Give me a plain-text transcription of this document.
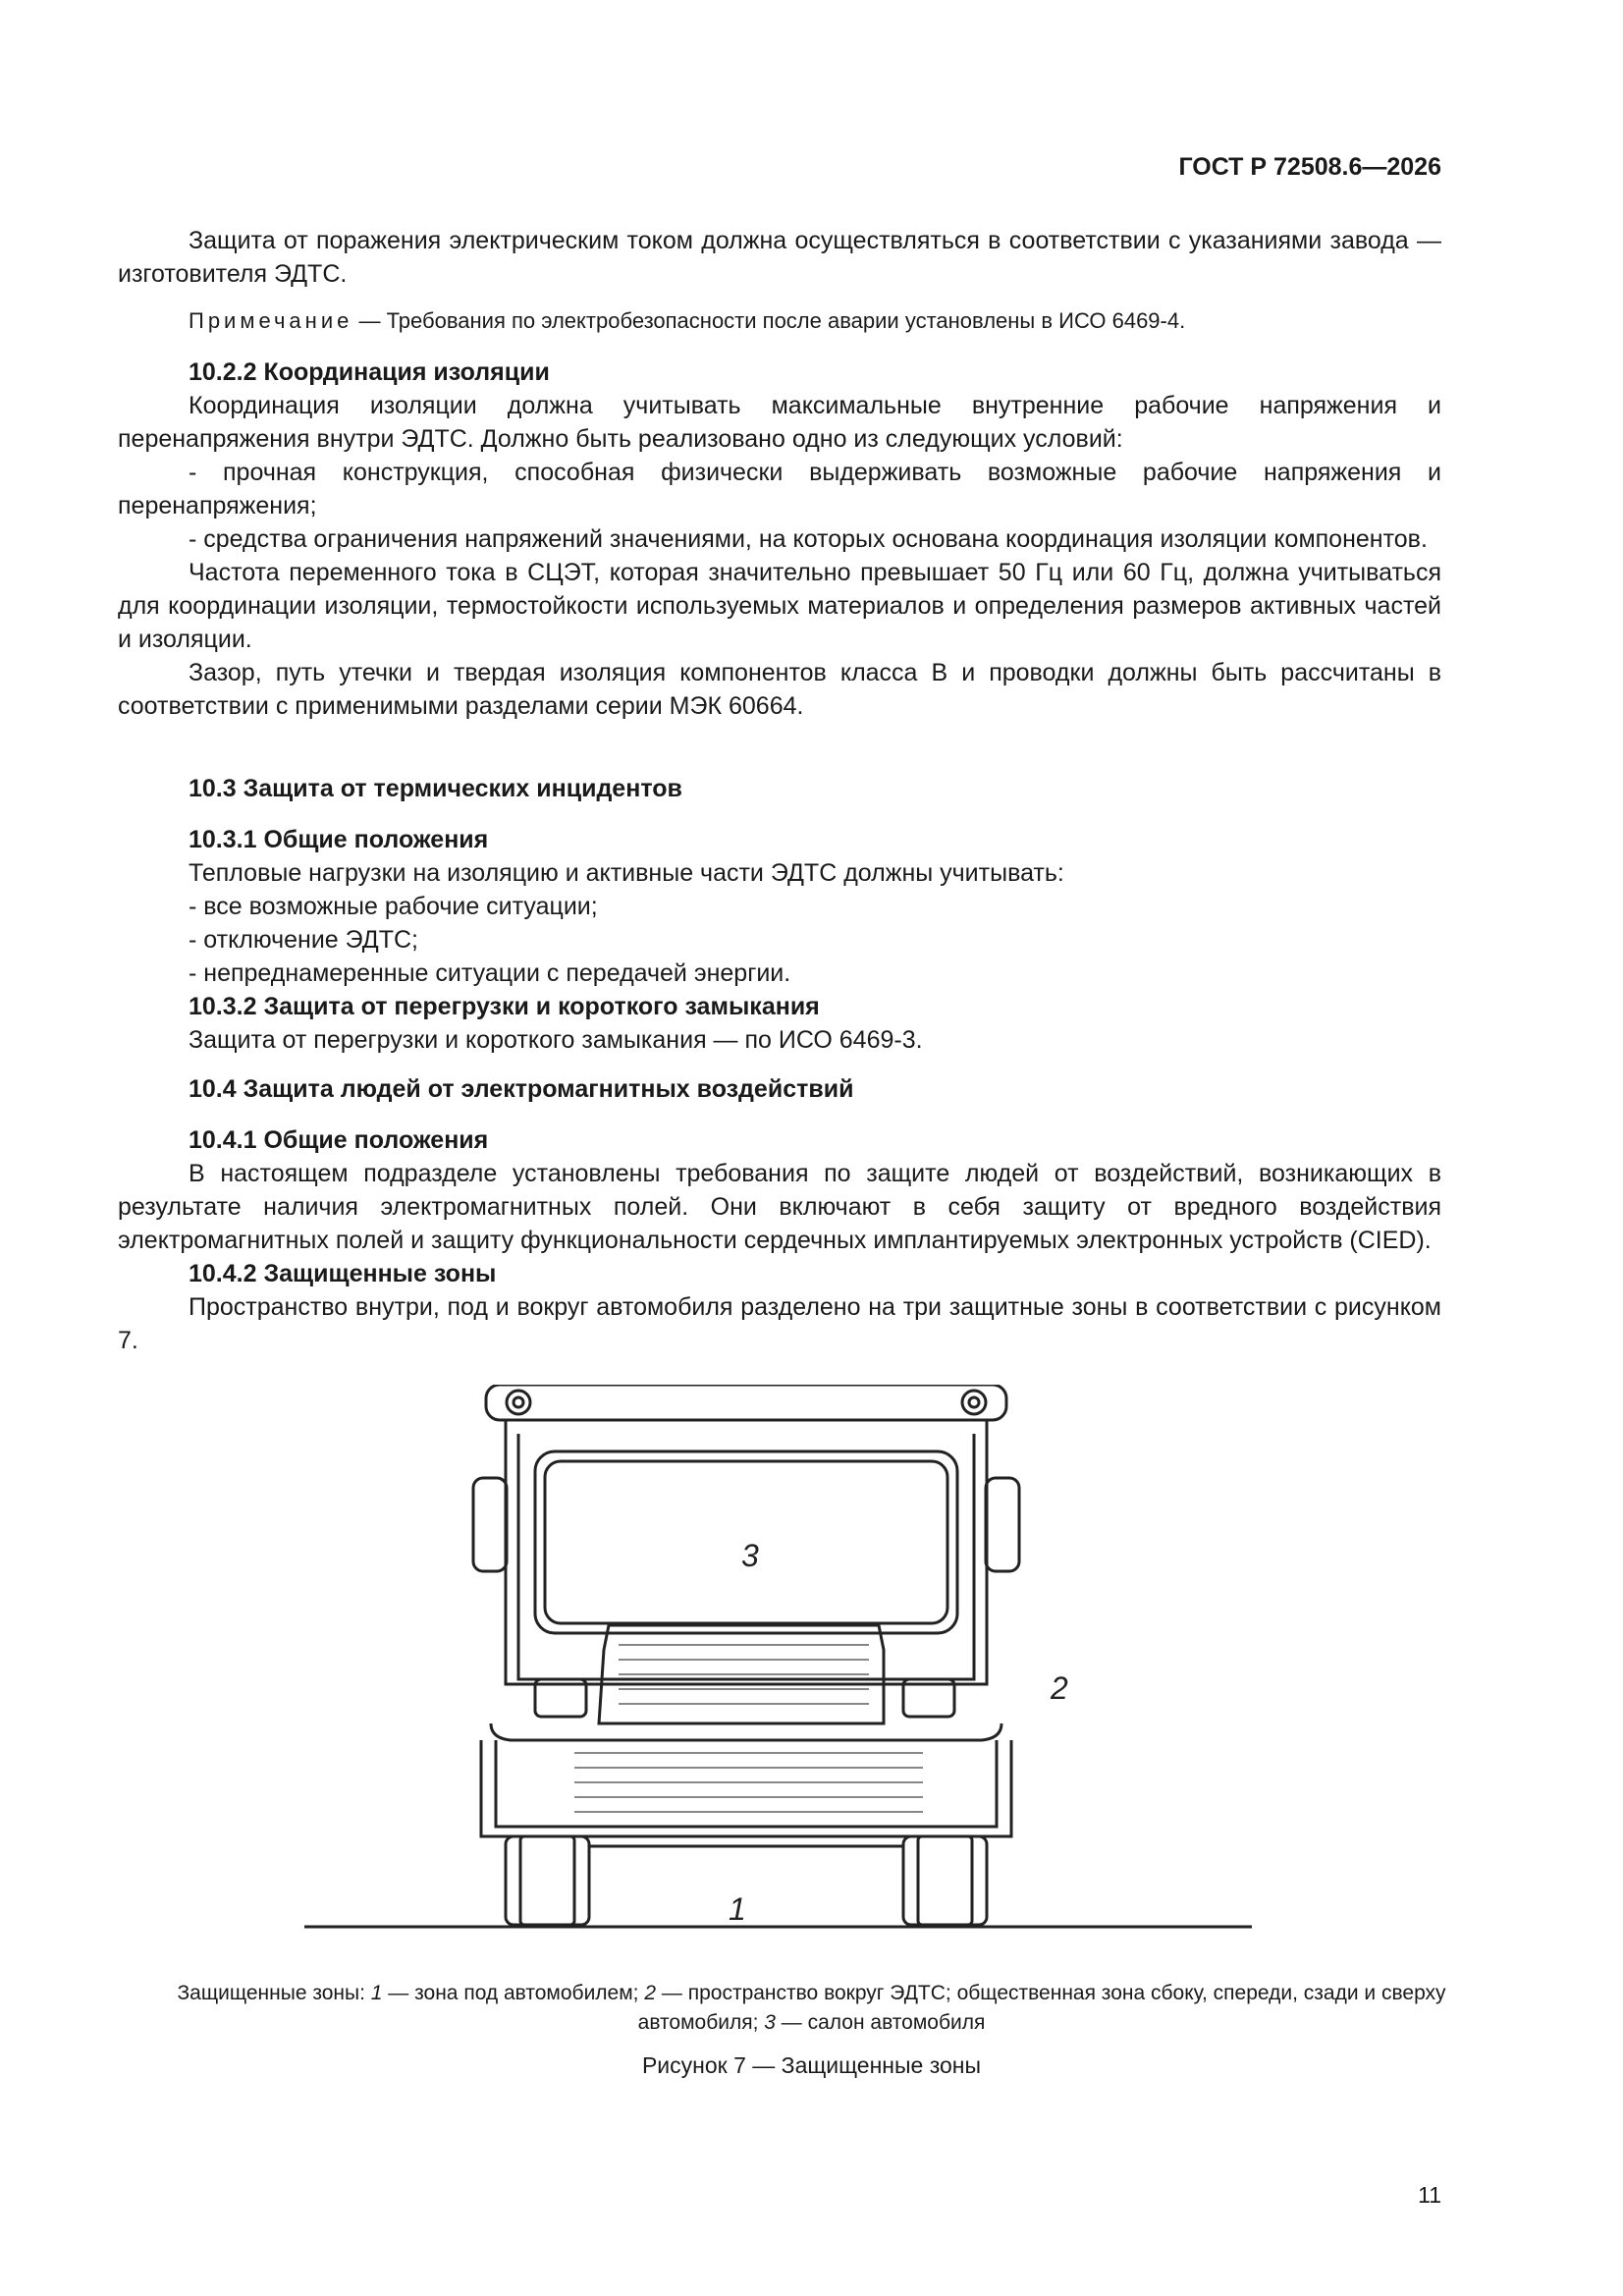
ГОСТ Р 72508.6—2026

Защита от поражения электрическим током должна осуществляться в соответствии с указаниями завода — изготовителя ЭДТС.

Примечание — Требования по электробезопасности после аварии установлены в ИСО 6469-4.

10.2.2 Координация изоляции

Координация изоляции должна учитывать максимальные внутренние рабочие напряжения и перенапряжения внутри ЭДТС. Должно быть реализовано одно из следующих условий:

- прочная конструкция, способная физически выдерживать возможные рабочие напряжения и перенапряжения;

- средства ограничения напряжений значениями, на которых основана координация изоляции компонентов.

Частота переменного тока в СЦЭТ, которая значительно превышает 50 Гц или 60 Гц, должна учитываться для координации изоляции, термостойкости используемых материалов и определения размеров активных частей и изоляции.

Зазор, путь утечки и твердая изоляция компонентов класса B и проводки должны быть рассчитаны в соответствии с применимыми разделами серии МЭК 60664.

10.3 Защита от термических инцидентов

10.3.1 Общие положения

Тепловые нагрузки на изоляцию и активные части ЭДТС должны учитывать:

- все возможные рабочие ситуации;

- отключение ЭДТС;

- непреднамеренные ситуации с передачей энергии.

10.3.2 Защита от перегрузки и короткого замыкания

Защита от перегрузки и короткого замыкания — по ИСО 6469-3.

10.4 Защита людей от электромагнитных воздействий

10.4.1 Общие положения

В настоящем подразделе установлены требования по защите людей от воздействий, возникающих в результате наличия электромагнитных полей. Они включают в себя защиту от вредного воздействия электромагнитных полей и защиту функциональности сердечных имплантируемых электронных устройств (CIED).

10.4.2 Защищенные зоны

Пространство внутри, под и вокруг автомобиля разделено на три защитные зоны в соответствии с рисунком 7.

3
2
1
Защищенные зоны: 1 — зона под автомобилем; 2 — пространство вокруг ЭДТС; общественная зона сбоку, спереди, сзади и сверху автомобиля; 3 — салон автомобиля
Рисунок 7 — Защищенные зоны
11
